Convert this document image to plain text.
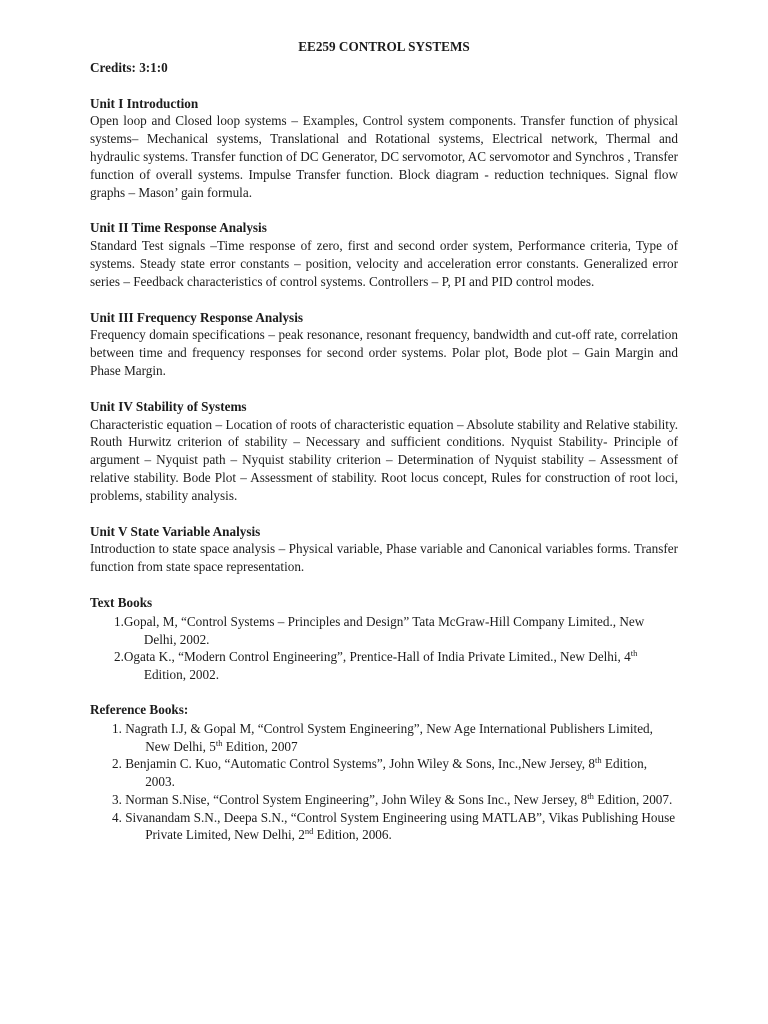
EE259 CONTROL SYSTEMS

Credits: 3:1:0

Unit I Introduction

Open loop and Closed loop systems – Examples, Control system components. Transfer function of physical systems– Mechanical systems, Translational and Rotational systems, Electrical network, Thermal and hydraulic systems. Transfer function of DC Generator, DC servomotor, AC servomotor and Synchros , Transfer function of overall systems. Impulse Transfer function. Block diagram - reduction techniques. Signal flow graphs – Mason’ gain formula.

Unit II Time Response Analysis

Standard Test signals –Time response of zero, first and second order system, Performance criteria, Type of systems. Steady state error constants – position, velocity and acceleration error constants. Generalized error series – Feedback characteristics of control systems. Controllers – P, PI and PID control modes.

Unit III Frequency Response Analysis

Frequency domain specifications – peak resonance, resonant frequency, bandwidth and cut-off rate, correlation between time and frequency responses for second order systems. Polar plot, Bode plot – Gain Margin and Phase Margin.

Unit IV Stability of Systems

Characteristic equation – Location of roots of characteristic equation – Absolute stability and Relative stability. Routh Hurwitz criterion of stability – Necessary and sufficient conditions. Nyquist Stability- Principle of argument – Nyquist path – Nyquist stability criterion – Determination of Nyquist stability – Assessment of relative stability. Bode Plot – Assessment of stability. Root locus concept, Rules for construction of root loci, problems, stability analysis.

Unit V State Variable Analysis

Introduction to state space analysis – Physical variable, Phase variable and Canonical variables forms. Transfer function from state space representation.

Text Books

1. Gopal, M, “Control Systems – Principles and Design” Tata McGraw-Hill Company Limited., New Delhi, 2002.
2. Ogata K., “Modern Control Engineering”, Prentice-Hall of India Private Limited., New Delhi, 4th Edition, 2002.

Reference Books:

1. Nagrath I.J, & Gopal M, “Control System Engineering”, New Age International Publishers Limited, New Delhi, 5th Edition, 2007
2. Benjamin C. Kuo, “Automatic Control Systems”, John Wiley & Sons, Inc.,New Jersey, 8th Edition, 2003.
3. Norman S.Nise, “Control System Engineering”, John Wiley & Sons Inc., New Jersey, 8th Edition, 2007.
4. Sivanandam S.N., Deepa S.N., “Control System Engineering using MATLAB”, Vikas Publishing House Private Limited, New Delhi, 2nd Edition, 2006.
